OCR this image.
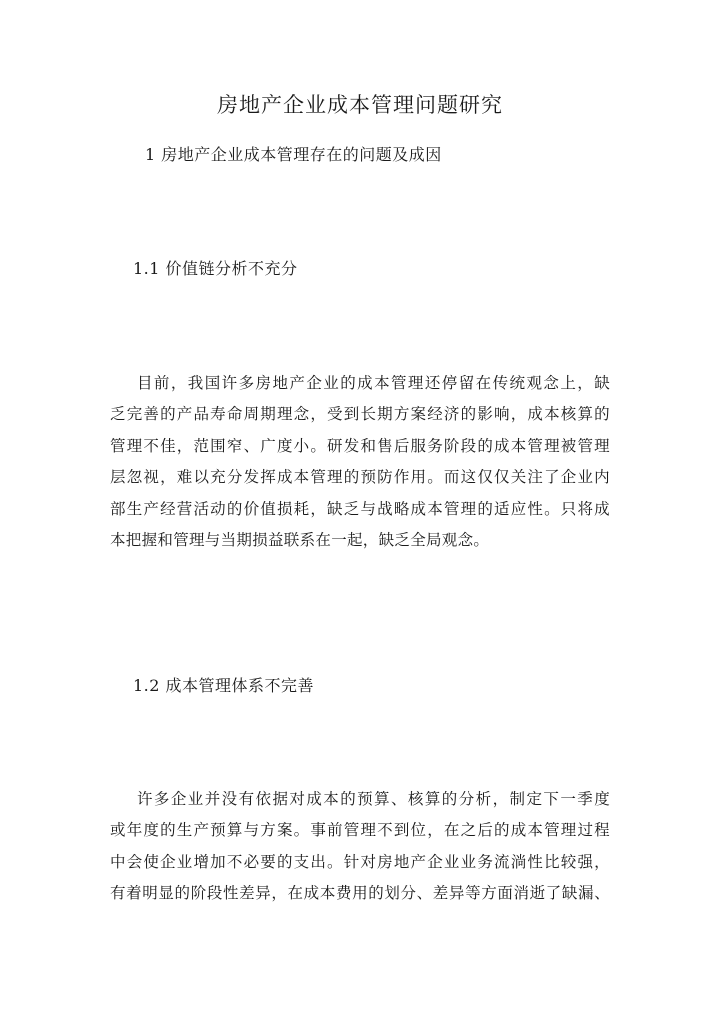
房地产企业成本管理问题研究
1 房地产企业成本管理存在的问题及成因
1.1 价值链分析不充分
目前，我国许多房地产企业的成本管理还停留在传统观念上，缺
乏完善的产品寿命周期理念，受到长期方案经济的影响，成本核算的
管理不佳，范围窄、广度小。研发和售后服务阶段的成本管理被管理
层忽视，难以充分发挥成本管理的预防作用。而这仅仅关注了企业内
部生产经营活动的价值损耗，缺乏与战略成本管理的适应性。只将成
本把握和管理与当期损益联系在一起，缺乏全局观念。
1.2 成本管理体系不完善
许多企业并没有依据对成本的预算、核算的分析，制定下一季度
或年度的生产预算与方案。事前管理不到位，在之后的成本管理过程
中会使企业增加不必要的支出。针对房地产企业业务流淌性比较强，
有着明显的阶段性差异，在成本费用的划分、差异等方面消逝了缺漏、
